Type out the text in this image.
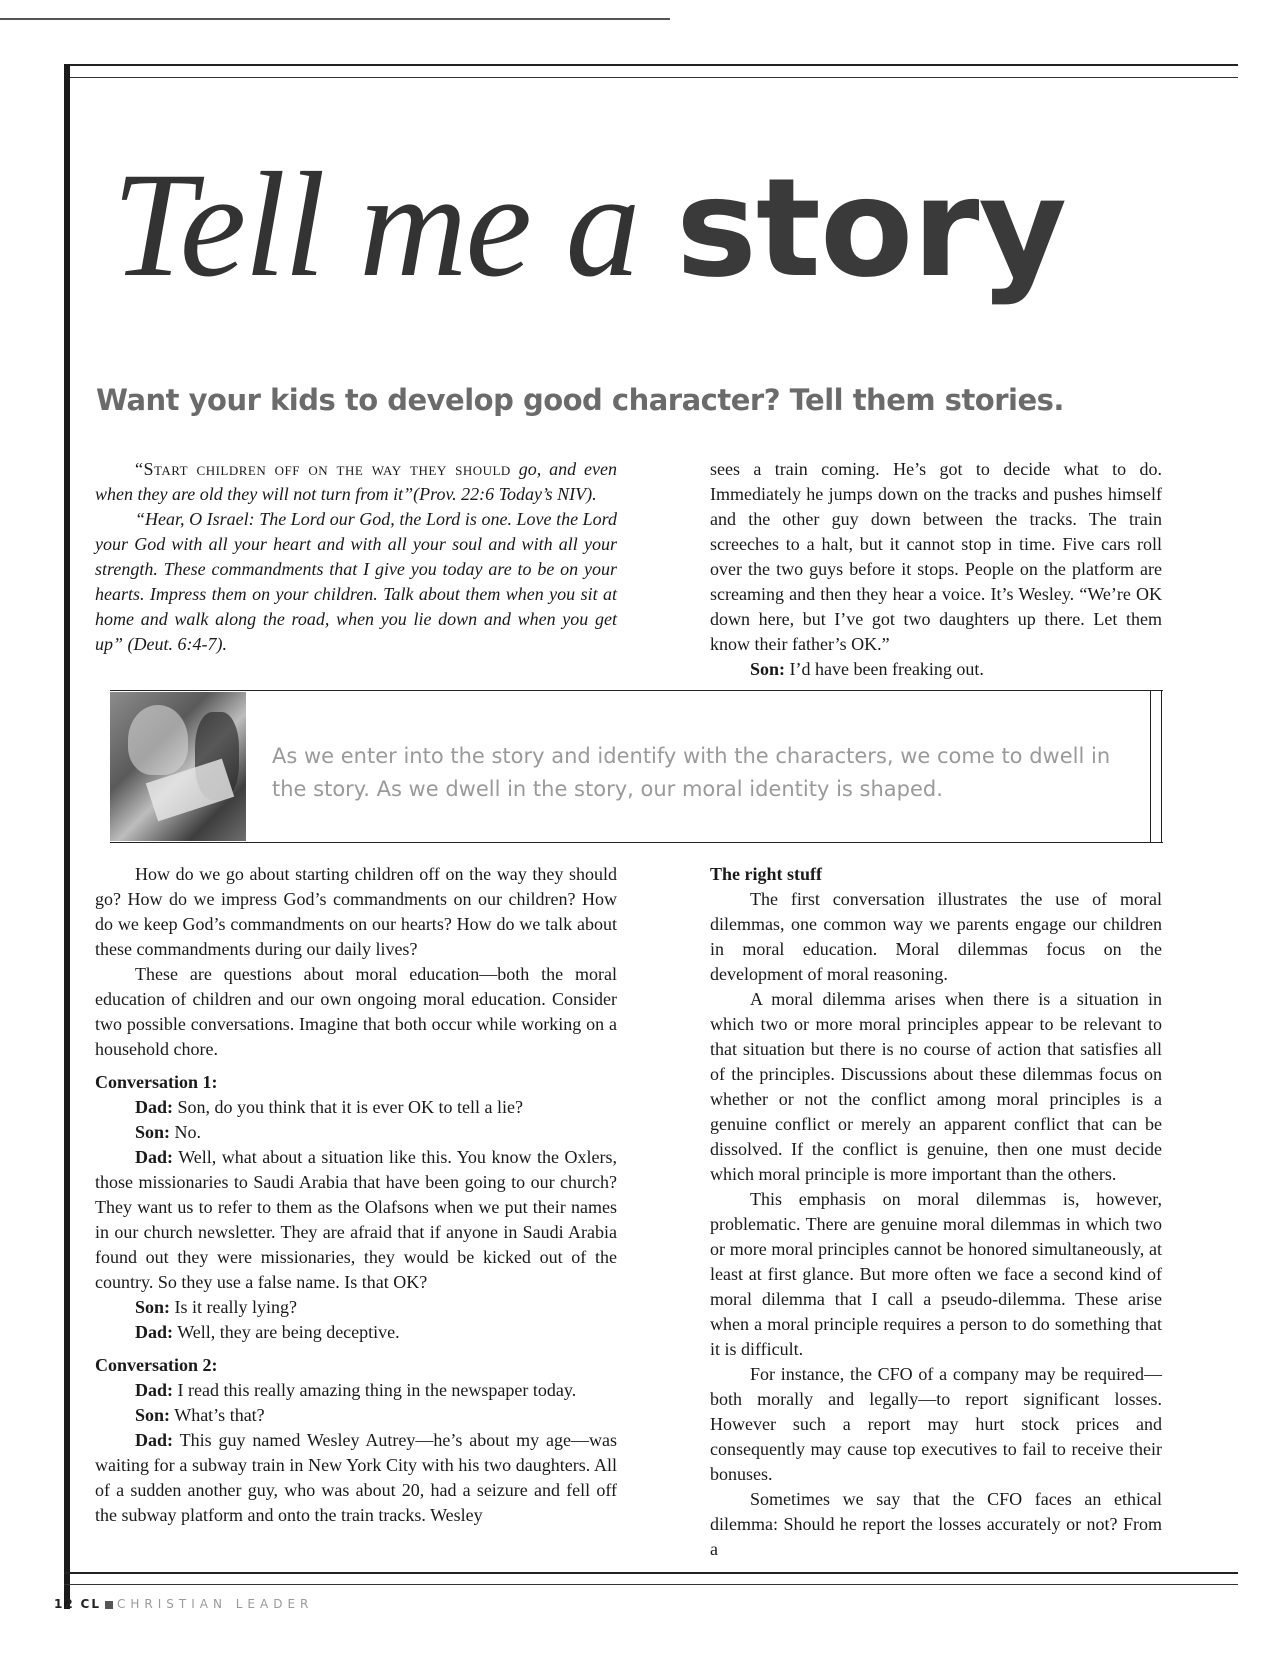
Tell me a story
Want your kids to develop good character? Tell them stories.

“Start children off on the way they should go, and even when they are old they will not turn from it”(Prov. 22:6 Today’s NIV).

“Hear, O Israel: The Lord our God, the Lord is one. Love the Lord your God with all your heart and with all your soul and with all your strength. These commandments that I give you today are to be on your hearts. Impress them on your children. Talk about them when you sit at home and walk along the road, when you lie down and when you get up” (Deut. 6:4-7).

sees a train coming. He’s got to decide what to do. Immediately he jumps down on the tracks and pushes himself and the other guy down between the tracks. The train screeches to a halt, but it cannot stop in time. Five cars roll over the two guys before it stops. People on the platform are screaming and then they hear a voice. It’s Wesley. “We’re OK down here, but I’ve got two daughters up there. Let them know their father’s OK.”

Son: I’d have been freaking out.

As we enter into the story and identify with the characters, we come to dwell in the story. As we dwell in the story, our moral identity is shaped.

How do we go about starting children off on the way they should go? How do we impress God’s commandments on our children? How do we keep God’s commandments on our hearts? How do we talk about these commandments during our daily lives?

These are questions about moral education—both the moral education of children and our own ongoing moral education. Consider two possible conversations. Imagine that both occur while working on a household chore.

Conversation 1:

Dad: Son, do you think that it is ever OK to tell a lie?

Son: No.

Dad: Well, what about a situation like this. You know the Oxlers, those missionaries to Saudi Arabia that have been going to our church? They want us to refer to them as the Olafsons when we put their names in our church newsletter. They are afraid that if anyone in Saudi Arabia found out they were missionaries, they would be kicked out of the country. So they use a false name. Is that OK?

Son: Is it really lying?

Dad: Well, they are being deceptive.

Conversation 2:

Dad: I read this really amazing thing in the newspaper today.

Son: What’s that?

Dad: This guy named Wesley Autrey—he’s about my age—was waiting for a subway train in New York City with his two daughters. All of a sudden another guy, who was about 20, had a seizure and fell off the subway platform and onto the train tracks. Wesley

The right stuff

The first conversation illustrates the use of moral dilemmas, one common way we parents engage our children in moral education. Moral dilemmas focus on the development of moral reasoning.

A moral dilemma arises when there is a situation in which two or more moral principles appear to be relevant to that situation but there is no course of action that satisfies all of the principles. Discussions about these dilemmas focus on whether or not the conflict among moral principles is a genuine conflict or merely an apparent conflict that can be dissolved. If the conflict is genuine, then one must decide which moral principle is more important than the others.

This emphasis on moral dilemmas is, however, problematic. There are genuine moral dilemmas in which two or more moral principles cannot be honored simultaneously, at least at first glance. But more often we face a second kind of moral dilemma that I call a pseudo-dilemma. These arise when a moral principle requires a person to do something that it is difficult.

For instance, the CFO of a company may be required—both morally and legally—to report significant losses. However such a report may hurt stock prices and consequently may cause top executives to fail to receive their bonuses.

Sometimes we say that the CFO faces an ethical dilemma: Should he report the losses accurately or not? From a

12 CL CHRISTIAN LEADER
